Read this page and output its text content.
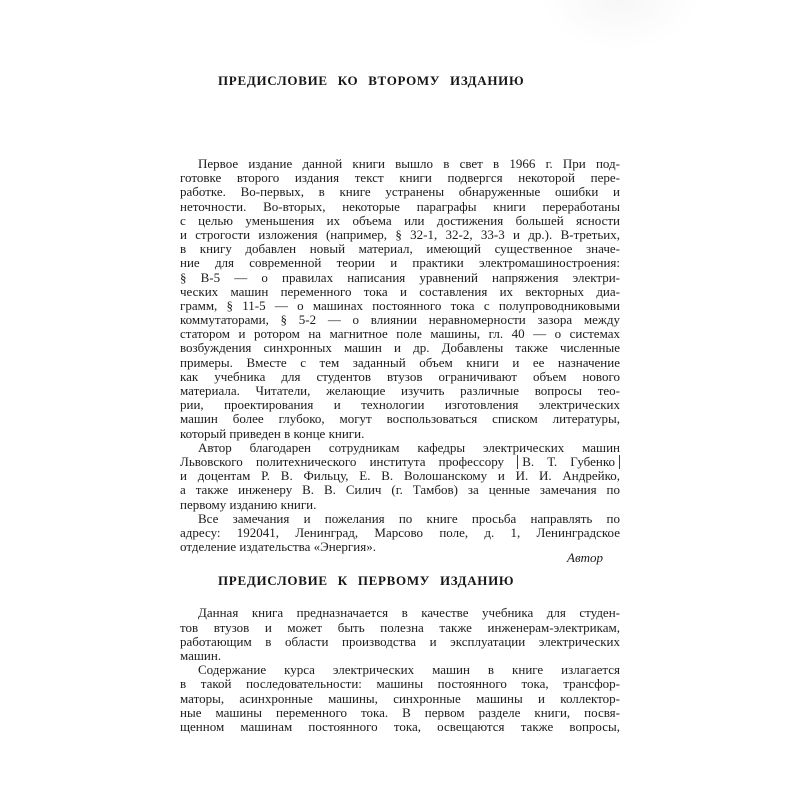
ПРЕДИСЛОВИЕ КО ВТОРОМУ ИЗДАНИЮ
Первое издание данной книги вышло в свет в 1966 г. При под-
готовке второго издания текст книги подвергся некоторой пере-
работке. Во-первых, в книге устранены обнаруженные ошибки и
неточности. Во-вторых, некоторые параграфы книги переработаны
с целью уменьшения их объема или достижения большей ясности
и строгости изложения (например, § 32-1, 32-2, 33-3 и др.). В-третьих,
в книгу добавлен новый материал, имеющий существенное значе-
ние для современной теории и практики электромашиностроения:
§ В-5 — о правилах написания уравнений напряжения электри-
ческих машин переменного тока и составления их векторных диа-
грамм, § 11-5 — о машинах постоянного тока с полупроводниковыми
коммутаторами, § 5-2 — о влиянии неравномерности зазора между
статором и ротором на магнитное поле машины, гл. 40 — о системах
возбуждения синхронных машин и др. Добавлены также численные
примеры. Вместе с тем заданный объем книги и ее назначение
как учебника для студентов втузов ограничивают объем нового
материала. Читатели, желающие изучить различные вопросы тео-
рии, проектирования и технологии изготовления электрических
машин более глубоко, могут воспользоваться списком литературы,
который приведен в конце книги.
Автор благодарен сотрудникам кафедры электрических машин
Львовского политехнического института профессору В. Т. Губенко
и доцентам Р. В. Фильцу, Е. В. Волошанскому и И. И. Андрейко,
а также инженеру В. В. Силич (г. Тамбов) за ценные замечания по
первому изданию книги.
Все замечания и пожелания по книге просьба направлять по
адресу: 192041, Ленинград, Марсово поле, д. 1, Ленинградское
отделение издательства «Энергия».
Автор
ПРЕДИСЛОВИЕ К ПЕРВОМУ ИЗДАНИЮ
Данная книга предназначается в качестве учебника для студен-
тов втузов и может быть полезна также инженерам-электрикам,
работающим в области производства и эксплуатации электрических
машин.
Содержание курса электрических машин в книге излагается
в такой последовательности: машины постоянного тока, трансфор-
маторы, асинхронные машины, синхронные машины и коллектор-
ные машины переменного тока. В первом разделе книги, посвя-
щенном машинам постоянного тока, освещаются также вопросы,
